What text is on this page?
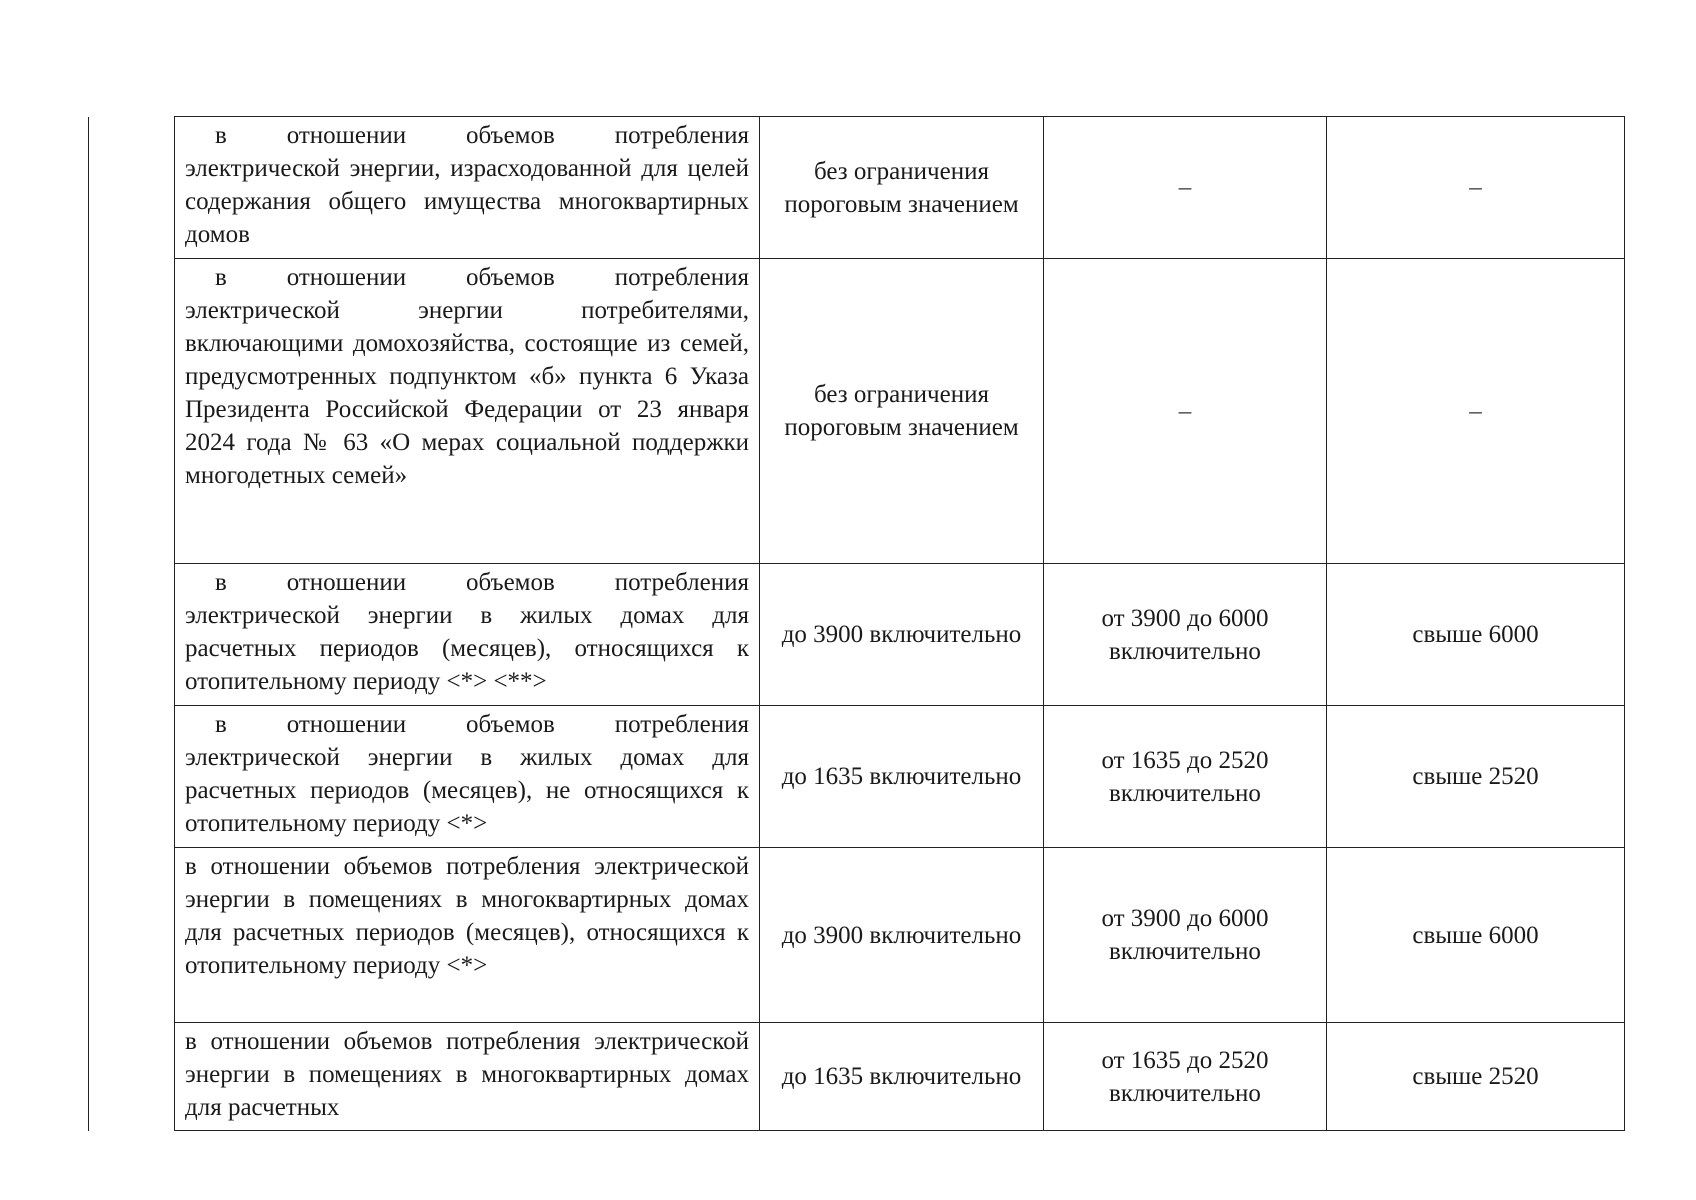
	в отношении объемов потребления электрической энергии, израсходованной для целей содержания общего имущества многоквартирных домов	без ограничения пороговым значением	–	–

	в отношении объемов потребления электрической энергии потребителями, включающими домохозяйства, состоящие из семей, предусмотренных подпунктом «б» пункта 6 Указа Президента Российской Федерации от 23 января 2024 года № 63 «О мерах социальной поддержки многодетных семей»	без ограничения пороговым значением	–	–

	в отношении объемов потребления электрической энергии в жилых домах для расчетных периодов (месяцев), относящихся к отопительному периоду <*> <**>	до 3900 включительно	от 3900 до 6000 включительно	свыше 6000

	в отношении объемов потребления электрической энергии в жилых домах для расчетных периодов (месяцев), не относящихся к отопительному периоду <*>	до 1635 включительно	от 1635 до 2520 включительно	свыше 2520

	в отношении объемов потребления электрической энергии в помещениях в многоквартирных домах для расчетных периодов (месяцев), относящихся к отопительному периоду <*>	до 3900 включительно	от 3900 до 6000 включительно	свыше 6000

	в отношении объемов потребления электрической энергии в помещениях в многоквартирных домах для расчетных	до 1635 включительно	от 1635 до 2520 включительно	свыше 2520
